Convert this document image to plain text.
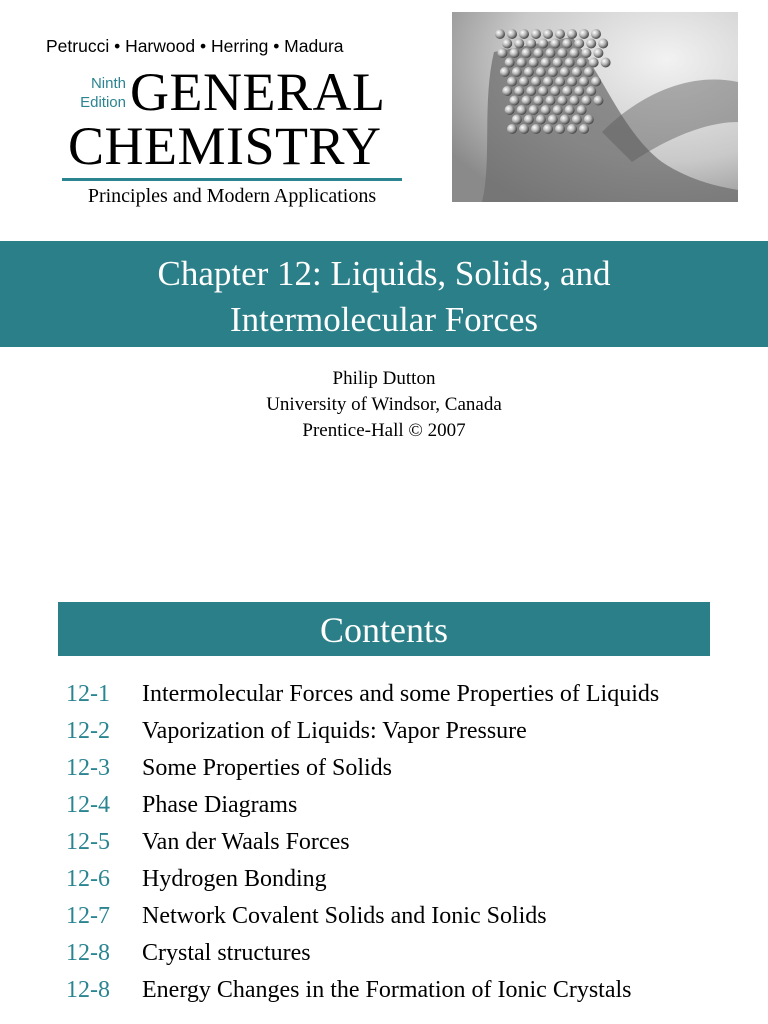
Petrucci • Harwood • Herring • Madura
Ninth
Edition GENERAL
CHEMISTRY
Principles and Modern Applications
Chapter 12: Liquids, Solids, and
Intermolecular Forces
Philip Dutton
University of Windsor, Canada
Prentice-Hall © 2007
Contents
12-1	Intermolecular Forces and some Properties of Liquids
12-2	Vaporization of Liquids: Vapor Pressure
12-3	Some Properties of Solids
12-4	Phase Diagrams
12-5	Van der Waals Forces
12-6	Hydrogen Bonding
12-7	Network Covalent Solids and Ionic Solids
12-8	Crystal structures
12-8	Energy Changes in the Formation of Ionic Crystals
